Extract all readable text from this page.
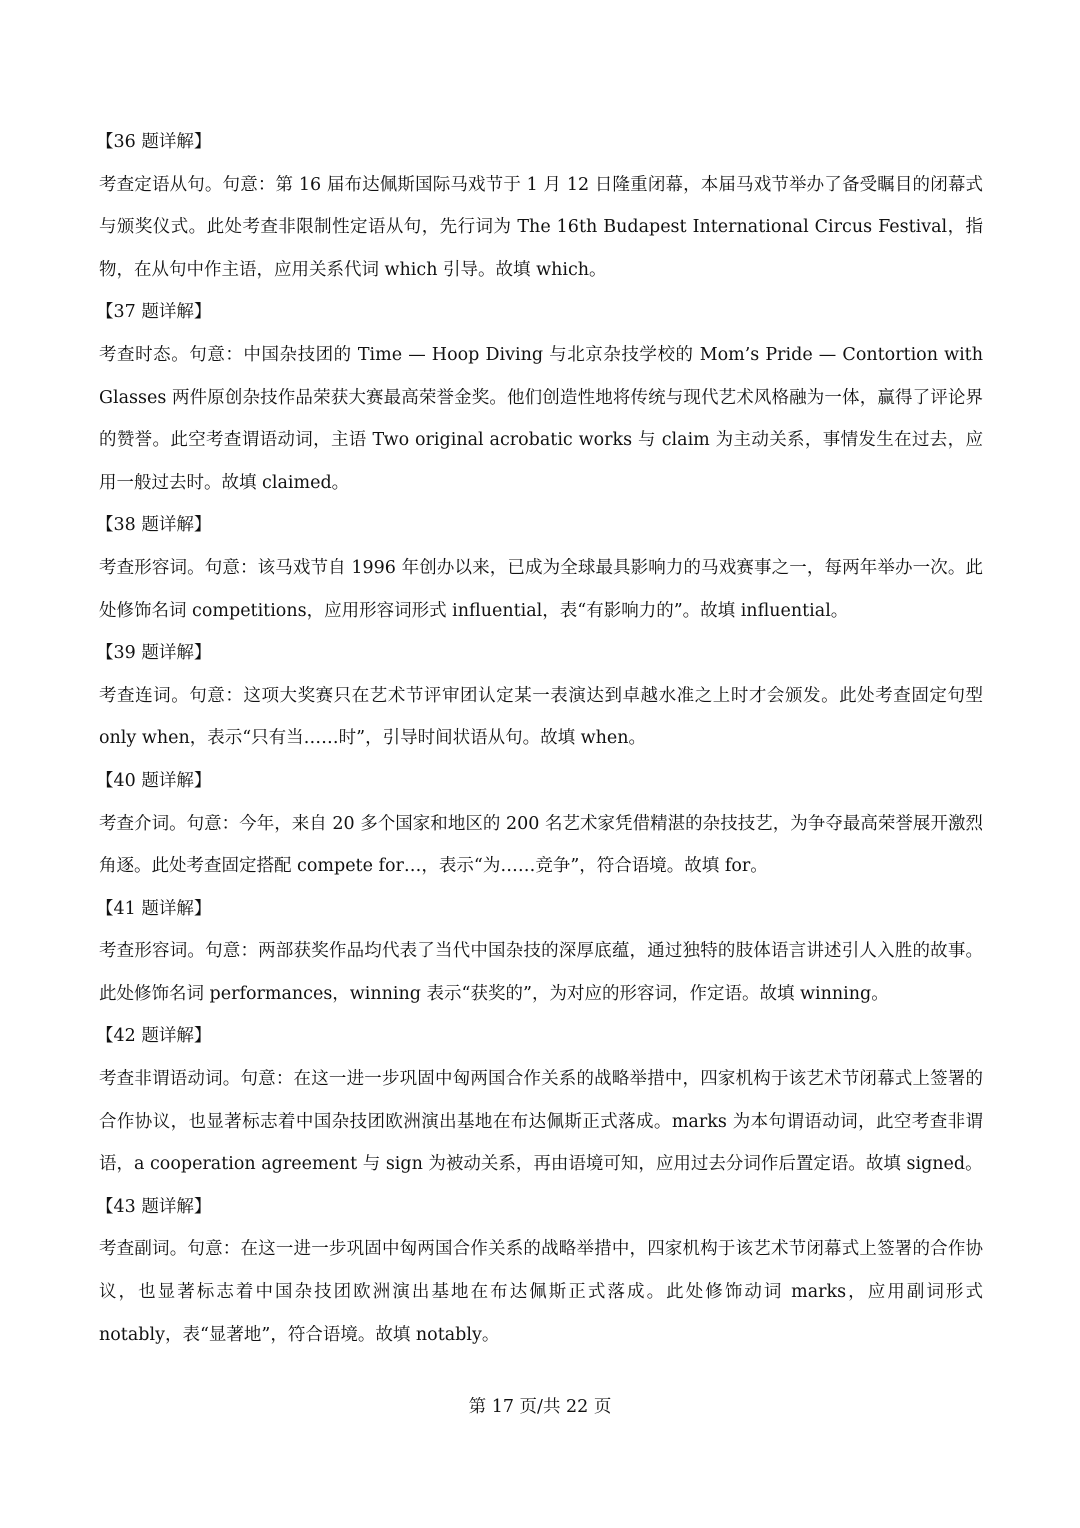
【36 题详解】

考查定语从句。句意：第 16 届布达佩斯国际马戏节于 1 月 12 日隆重闭幕，本届马戏节举办了备受瞩目的闭幕式与颁奖仪式。此处考查非限制性定语从句，先行词为 The 16th Budapest International Circus Festival，指物，在从句中作主语，应用关系代词 which 引导。故填 which。

【37 题详解】

考查时态。句意：中国杂技团的 Time — Hoop Diving 与北京杂技学校的 Mom’s Pride — Contortion with Glasses 两件原创杂技作品荣获大赛最高荣誉金奖。他们创造性地将传统与现代艺术风格融为一体，赢得了评论界的赞誉。此空考查谓语动词，主语 Two original acrobatic works 与 claim 为主动关系，事情发生在过去，应用一般过去时。故填 claimed。

【38 题详解】

考查形容词。句意：该马戏节自 1996 年创办以来，已成为全球最具影响力的马戏赛事之一，每两年举办一次。此处修饰名词 competitions，应用形容词形式 influential，表“有影响力的”。故填 influential。

【39 题详解】

考查连词。句意：这项大奖赛只在艺术节评审团认定某一表演达到卓越水准之上时才会颁发。此处考查固定句型 only when，表示“只有当……时”，引导时间状语从句。故填 when。

【40 题详解】

考查介词。句意：今年，来自 20 多个国家和地区的 200 名艺术家凭借精湛的杂技技艺，为争夺最高荣誉展开激烈角逐。此处考查固定搭配 compete for…，表示“为……竞争”，符合语境。故填 for。

【41 题详解】

考查形容词。句意：两部获奖作品均代表了当代中国杂技的深厚底蕴，通过独特的肢体语言讲述引人入胜的故事。此处修饰名词 performances，winning 表示“获奖的”，为对应的形容词，作定语。故填 winning。

【42 题详解】

考查非谓语动词。句意：在这一进一步巩固中匈两国合作关系的战略举措中，四家机构于该艺术节闭幕式上签署的合作协议，也显著标志着中国杂技团欧洲演出基地在布达佩斯正式落成。marks 为本句谓语动词，此空考查非谓语，a cooperation agreement 与 sign 为被动关系，再由语境可知，应用过去分词作后置定语。故填 signed。

【43 题详解】

考查副词。句意：在这一进一步巩固中匈两国合作关系的战略举措中，四家机构于该艺术节闭幕式上签署的合作协议，也显著标志着中国杂技团欧洲演出基地在布达佩斯正式落成。此处修饰动词 marks，应用副词形式 notably，表“显著地”，符合语境。故填 notably。

第 17 页/共 22 页
